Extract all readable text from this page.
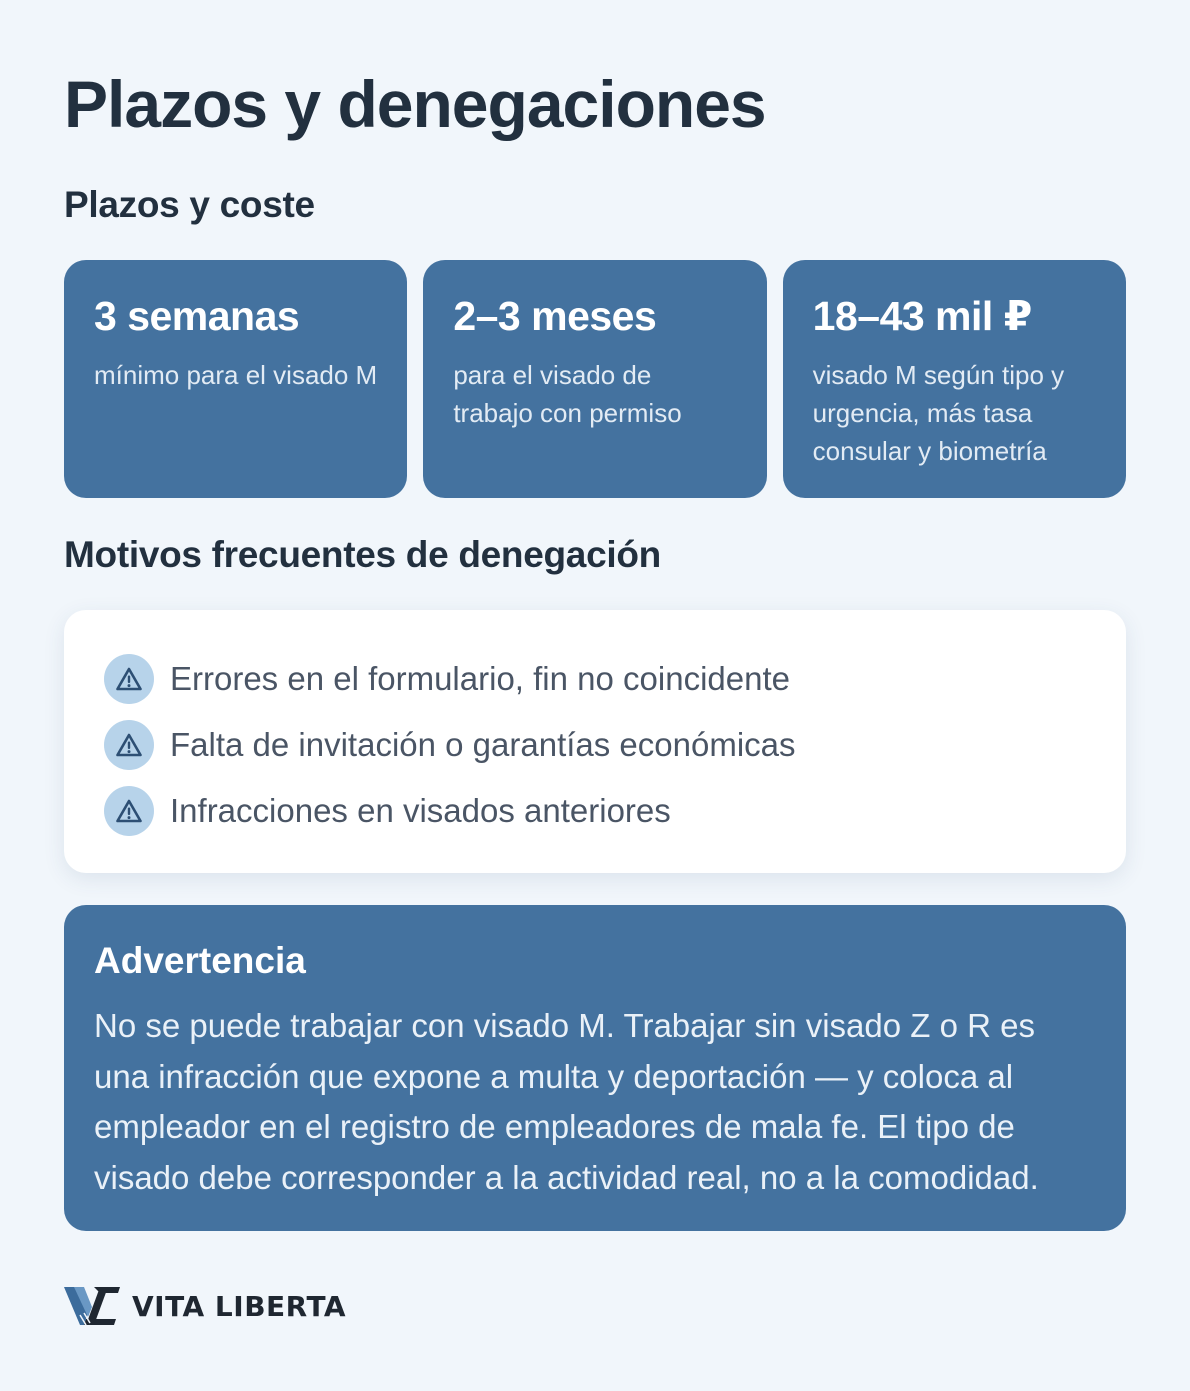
Plazos y denegaciones
Plazos y coste
3 semanas
mínimo para el visado M
2–3 meses
para el visado de trabajo con permiso
18–43 mil ₽
visado M según tipo y urgencia, más tasa consular y biometría
Motivos frecuentes de denegación
Errores en el formulario, fin no coincidente
Falta de invitación o garantías económicas
Infracciones en visados anteriores
Advertencia

No se puede trabajar con visado M. Trabajar sin visado Z o R es una infracción que expone a multa y deportación — y coloca al empleador en el registro de empleadores de mala fe. El tipo de visado debe corresponder a la actividad real, no a la comodidad.

VITA LIBERTA
